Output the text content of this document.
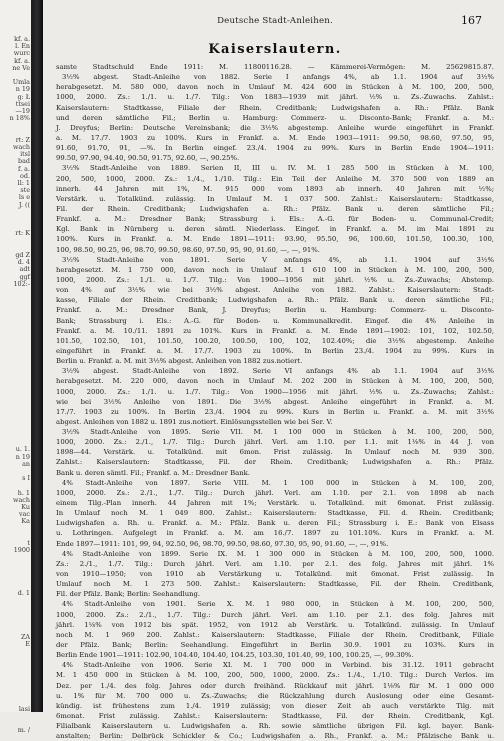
kf. a.
l. En
wurc
kf. a.
ne Ve
Umla
n 19
g: Ł
ttsei
—19
n 18%
rt: Z
wach
itsl
bad
f. a.
od.
ll: 1
ste
ls e
J. ((
rt: K
gd Z
d. 4
adt
ggf
102:-
u. 1.
n 19
an
s I
h. 1
wach
Ku
vac
Ka
t
1900
d. 1
ZA
E
lasi
m. /
Deutsche Stadt-Anleihen.	167
Kaiserslautern.
samte Stadtschuld Ende 1911: M. 11800116.28. — Kämmerei-Vermögen: M. 25629815.87.
3½% abgest. Stadt-Anleihe von 1882. Serie I anfangs 4%, ab 1.1. 1904 auf 3½%
herabgesetzt. M. 580 000, davon noch in Umlauf M. 424 600 in Stücken à M. 100, 200, 500,
1000, 2000. Zs.: 1./1. u. 1./7. Tilg.: Von 1883—1939 mit jährl. ½% u. Zs.-Zuwachs. Zahlst.:
Kaiserslautern: Stadtkasse, Filiale der Rhein. Creditbank; Ludwigshafen a. Rh.: Pfälz. Bank
und deren sämtliche Fil.; Berlin u. Hamburg: Commerz- u. Disconto-Bank; Frankf. a. M.:
J. Dreyfus; Berlin: Deutsche Vereinsbank; die 3½% abgestemp. Anleihe wurde eingeführt in Frankf.
a. M. 17./7. 1903 zu 100%. Kurs in Frankf. a. M. Ende 1903—1911: 99.50, 98.60, 97.50, 95,
91.60, 91.70, 91, —%. In Berlin eingef. 23./4. 1904 zu 99%. Kurs in Berlin Ende 1904—1911:
99.50, 97.90, 94.40, 90.50, 91.75, 92.60, —, 90.25%.
3½% Stadt-Anleihe von 1889. Serien II, III u. IV. M. 1 285 500 in Stücken à M. 100,
200, 500, 1000, 2000. Zs.: 1./4., 1./10. Tilg.: Ein Teil der Anleihe M. 370 500 von 1889 an
innerh. 44 Jahren mit 1%, M. 915 000 vom 1893 ab innerh. 40 Jahren mit ½%;
Verstärk. u. Totalkünd. zulässig. In Umlauf M. 1 037 500. Zahlst.: Kaiserslautern: Stadtkasse,
Fil. der Rhein. Creditbank; Ludwigshafen a. Rh.: Pfälz. Bank u. deren sämtliche Fil.;
Frankf. a. M.: Dresdner Bank; Strassburg i. Els.: A.-G. für Boden- u. Communal-Credit;
Kgl. Bank in Nürnberg u. deren sämtl. Niederlass. Eingef. in Frankf. a. M. im Mai 1891 zu
100%. Kurs in Frankf. a. M. Ende 1891—1911: 93.90, 95.50, 96, 100.60, 101.50, 100.30, 100,
100, 98.50, 90.25, 96, 98.70, 99.50, 98.60, 97.50, 95, 90, 91.60, —, —, 91%.
3½% Stadt-Anleihe von 1891. Serie V anfangs 4%, ab 1.1. 1904 auf 3½%
herabgesetzt. M. 1 750 000, davon noch in Umlauf M. 1 610 100 in Stücken à M. 100, 200, 500,
1000, 2000. Zs.: 1./1. u. 1./7. Tilg.: Von 1900—1956 mit jährl. ½% u. Zs.-Zuwachs; Abstemp.
von 4% auf 3½% wie bei 3½% abgest. Anleihe von 1882. Zahlst.: Kaiserslautern: Stadt-
kasse, Filiale der Rhein. Creditbank; Ludwigshafen a. Rh.: Pfälz. Bank u. deren sämtliche Fil.;
Frankf. a. M.: Dresdner Bank, J. Dreyfus; Berlin u. Hamburg: Commerz- u. Disconto-
Bank; Strassburg i. Els.: A.-G. für Boden- u. Kommunalkredit. Eingef. die 4% Anleihe in
Frankf. a. M. 10./11. 1891 zu 101%. Kurs in Frankf. a. M. Ende 1891—1902: 101, 102, 102.50,
101.50, 102.50, 101, 101.50, 100.20, 100.50, 100, 102, 102.40%; die 3½% abgestemp. Anleihe
eingeführt in Frankf. a. M. 17./7. 1903 zu 100%. In Berlin 23./4. 1904 zu 99%. Kurs in
Berlin u. Frankf. a. M. mit 3½% abgest. Anleihen von 1882 zus.notiert.
3½% abgest. Stadt-Anleihe von 1892. Serie VI anfangs 4% ab 1.1. 1904 auf 3½%
herabgesetzt. M. 220 000, davon noch in Umlauf M. 202 200 in Stücken à M. 100, 200, 500,
1000, 2000. Zs.: 1./1. u. 1./7. Tilg.: Von 1900—1956 mit jährl. ½% u. Zs.-Zuwachs; Zahlst.:
wie bei 3½% Anleihe von 1891. Die 3½% abgest. Anleihe eingeführt in Frankf. a. M.
17./7. 1903 zu 100%. In Berlin 23./4. 1904 zu 99%. Kurs in Berlin u. Frankf. a. M. mit 3½%
abgest. Anleihen von 1882 u. 1891 zus.notiert. Einlösungsstellen wie bei Ser. V.
3½% Stadt-Anleihe von 1895. Serie VII. M. 1 100 000 in Stücken à M. 100, 200, 500,
1000, 2000. Zs.: 2./1., 1./7. Tilg.: Durch jährl. Verl. am 1.10. per 1.1. mit 1⅛% in 44 J. von
1898—44. Verstärk. u. Totalkünd. mit 6mon. Frist zulässig. In Umlauf noch M. 939 300.
Zahlst.: Kaiserslautern: Stadtkasse, Fil. der Rhein. Creditbank; Ludwigshafen a. Rh.: Pfälz.
Bank u. deren sämtl. Fil.; Frankf. a. M.: Dresdner Bank.
4% Stadt-Anleihe von 1897. Serie VIII. M. 1 100 000 in Stücken à M. 100, 200,
1000, 2000. Zs.: 2./1., 1./7. Tilg.: Durch jährl. Verl. am 1.10. per 2.1. von 1898 ab nach
einem Tilg.-Plan innerh. 44 Jahren mit 1%; Verstärk. u. Totalkünd. mit 6monat. Frist zulässig.
In Umlauf noch M. 1 049 800. Zahlst.: Kaiserslautern: Stadtkasse, Fil. d. Rhein. Creditbank;
Ludwigshafen a. Rh. u. Frankf. a. M.: Pfälz. Bank u. deren Fil.; Strassburg i. E.: Bank von Elsass
u. Lothringen. Aufgelegt in Frankf. a. M. am 16./7. 1897 zu 101.10%. Kurs in Frankf. a. M.
Ende 1897—1911: 101, 99, 94, 92.50, 96, 98.70, 99.50, 98.60, 97.30, 95, 90, 91.60, —, —, 91%.
4% Stadt-Anleihe von 1899. Serie IX. M. 1 300 000 in Stücken à M. 100, 200, 500, 1000.
Zs.: 2./1., 1./7. Tilg.: Durch jährl. Verl. am 1.10. per 2.1. des folg. Jahres mit jährl. 1%
von 1910—1950; von 1910 ab Verstärkung u. Totalkünd. mit 6monat. Frist zulässig. In
Umlauf noch M. 1 273 500. Zahlst.: Kaiserslautern: Stadtkasse, Fil. der Rhein. Creditbank,
Fil. der Pfälz. Bank; Berlin: Seehandlung.
4% Stadt-Anleihe von 1901. Serie X. M. 1 980 000, in Stücken à M. 100, 200, 500,
1000, 2000. Zs.: 2./1., 1./7. Tilg.: Durch jährl. Verl. am 1.10. per 2.1. des folg. Jahres mit
jährl. 1⅛% von 1912 bis spät. 1952, von 1912 ab Verstärk. u. Totalkünd. zulässig. In Umlauf
noch M. 1 969 200. Zahlst.: Kaiserslautern: Stadtkasse, Filiale der Rhein. Creditbank, Filiale
der Pfälz. Bank; Berlin: Seehandlung. Eingeführt in Berlin 30.9. 1901 zu 103%. Kurs in
Berlin Ende 1901—1911: 102.90, 104.40, 104.40, 104.25, 103.30, 101.40, 99, 100, 100.25, —, 99.30%.
4% Stadt-Anleihe von 1906. Serie XI. M. 1 700 000 in Verbind. bis 31.12. 1911 gebracht
M. 1 450 000 in Stücken à M. 100, 200, 500, 1000, 2000. Zs.: 1./4., 1./10. Tilg.: Durch Verlos. im
Dez. per 1./4. des folg. Jahres oder durch freihänd. Rückkauf mit jährl. 1⅛% für M. 1 000 000
u. 1% für M. 700 000 u. Zs.-Zuwachs; die Rückzahlung durch Auslosung oder eine Gesamt-
kündig. ist frühestens zum 1./4. 1919 zulässig; von dieser Zeit ab auch verstärkte Tilg. mit
6monat. Frist zulässig. Zahlst.: Kaiserslautern: Stadtkasse, Fil. der Rhein. Creditbank, Kgl.
Filialbank Kaiserslautern u. Ludwigshafen a. Rh. sowie sämtliche übrigen Fil. kgl. bayer. Bank-
anstalten; Berlin: Delbrück Schickler & Co.; Ludwigshafen a. Rh., Frankf. a. M.: Pfälzische Bank u.
